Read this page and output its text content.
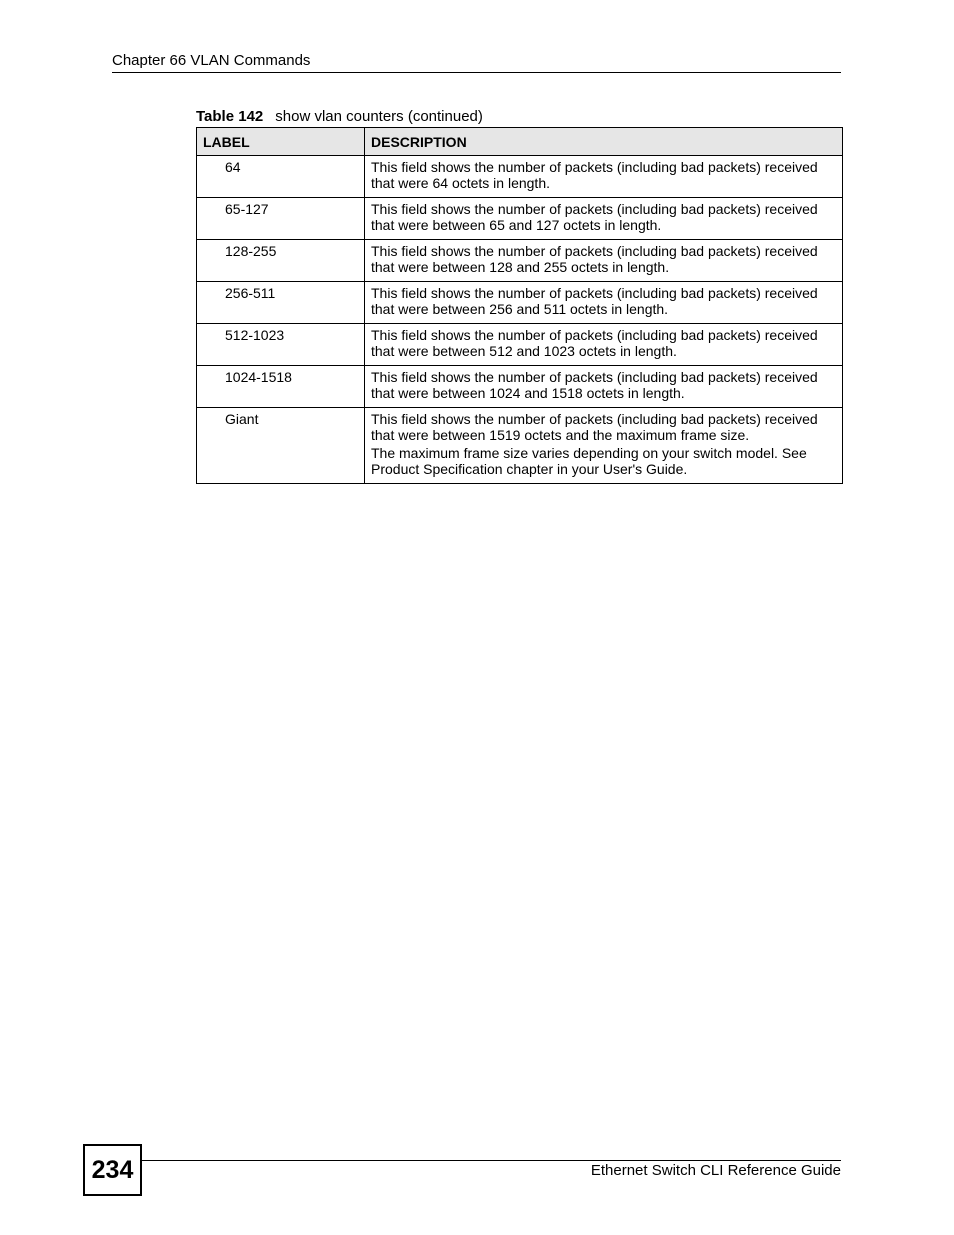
Chapter 66 VLAN Commands
Table 142 show vlan counters (continued)
LABEL	DESCRIPTION
64	This field shows the number of packets (including bad packets) received that were 64 octets in length.

65-127	This field shows the number of packets (including bad packets) received that were between 65 and 127 octets in length.

128-255	This field shows the number of packets (including bad packets) received that were between 128 and 255 octets in length.

256-511	This field shows the number of packets (including bad packets) received that were between 256 and 511 octets in length.

512-1023	This field shows the number of packets (including bad packets) received that were between 512 and 1023 octets in length.

1024-1518	This field shows the number of packets (including bad packets) received that were between 1024 and 1518 octets in length.

Giant	This field shows the number of packets (including bad packets) received that were between 1519 octets and the maximum frame size.

The maximum frame size varies depending on your switch model. See Product Specification chapter in your User's Guide.

234	Ethernet Switch CLI Reference Guide
